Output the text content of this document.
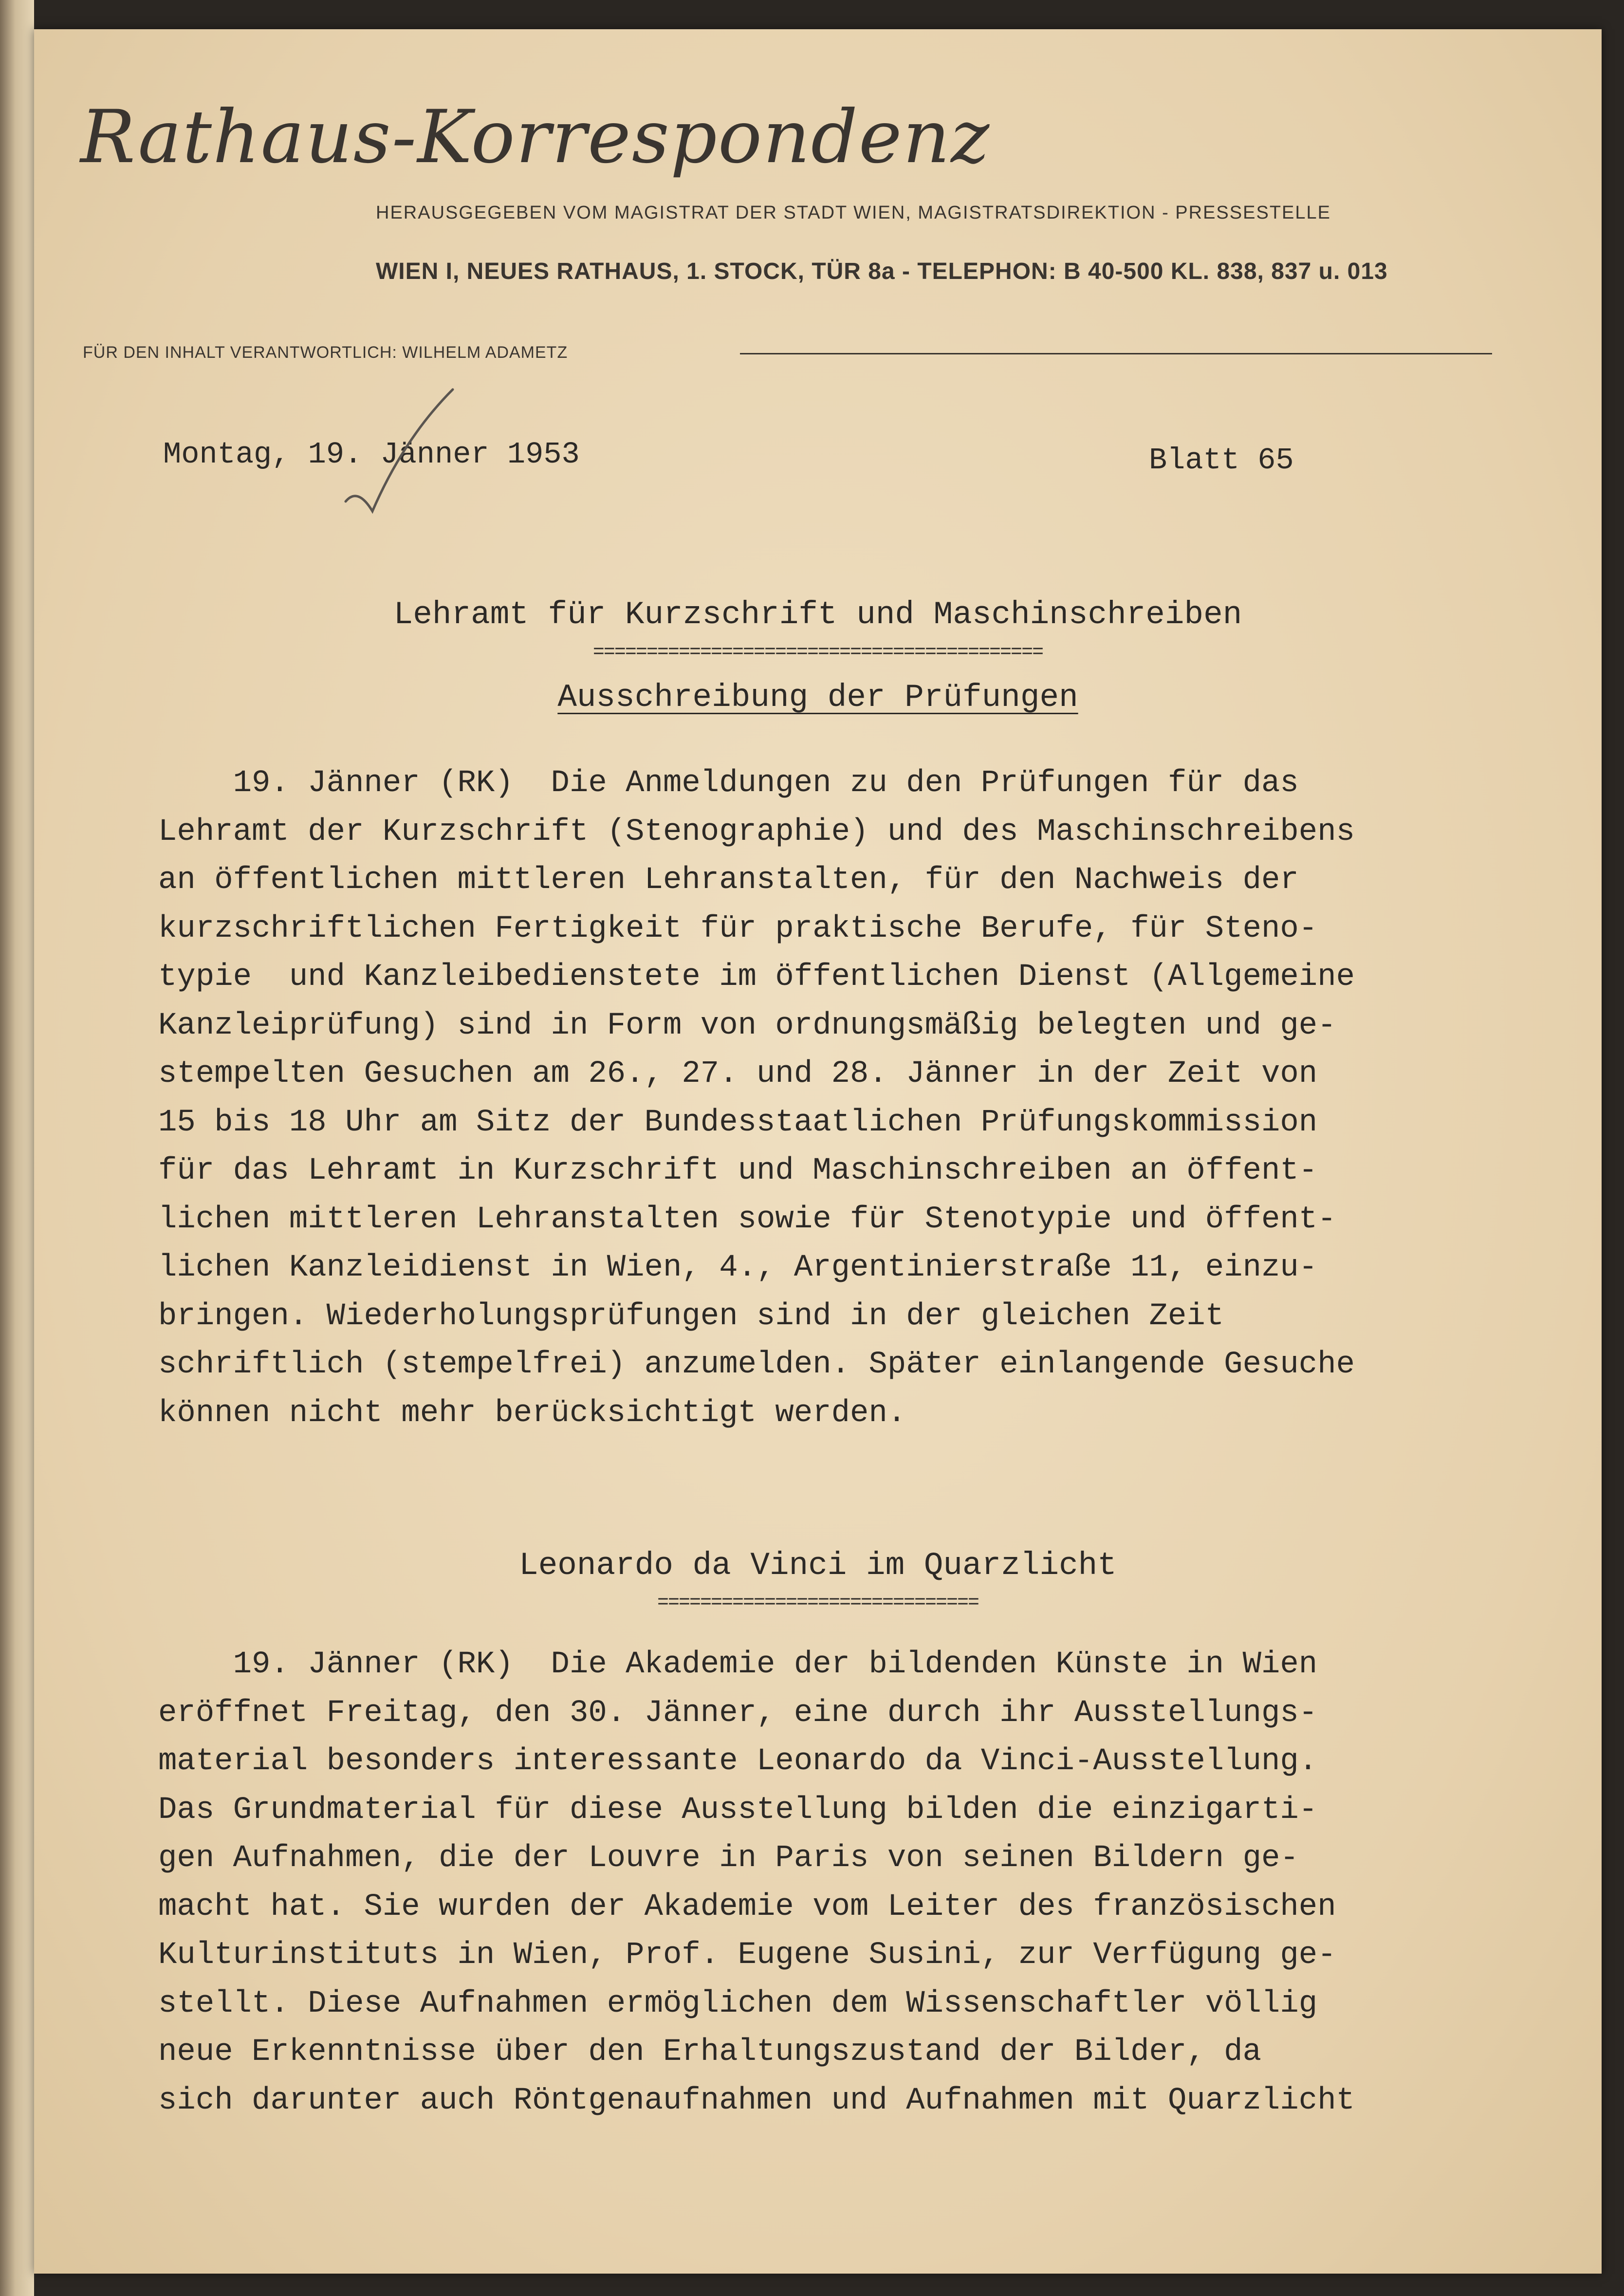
Rathaus-Korrespondenz
HERAUSGEGEBEN VOM MAGISTRAT DER STADT WIEN, MAGISTRATSDIREKTION - PRESSESTELLE
WIEN I, NEUES RATHAUS, 1. STOCK, TÜR 8a - TELEPHON: B 40-500 KL. 838, 837 u. 013
FÜR DEN INHALT VERANTWORTLICH: WILHELM ADAMETZ
Montag, 19. Jänner 1953	Blatt 65
Lehramt für Kurzschrift und Maschinschreiben
==========================================
Ausschreibung der Prüfungen
19. Jänner (RK)  Die Anmeldungen zu den Prüfungen für das
Lehramt der Kurzschrift (Stenographie) und des Maschinschreibens
an öffentlichen mittleren Lehranstalten, für den Nachweis der
kurzschriftlichen Fertigkeit für praktische Berufe, für Steno-
typie  und Kanzleibedienstete im öffentlichen Dienst (Allgemeine
Kanzleiprüfung) sind in Form von ordnungsmäßig belegten und ge-
stempelten Gesuchen am 26., 27. und 28. Jänner in der Zeit von
15 bis 18 Uhr am Sitz der Bundesstaatlichen Prüfungskommission
für das Lehramt in Kurzschrift und Maschinschreiben an öffent-
lichen mittleren Lehranstalten sowie für Stenotypie und öffent-
lichen Kanzleidienst in Wien, 4., Argentinierstraße 11, einzu-
bringen. Wiederholungsprüfungen sind in der gleichen Zeit
schriftlich (stempelfrei) anzumelden. Später einlangende Gesuche
können nicht mehr berücksichtigt werden.
Leonardo da Vinci im Quarzlicht
==============================
19. Jänner (RK)  Die Akademie der bildenden Künste in Wien
eröffnet Freitag, den 30. Jänner, eine durch ihr Ausstellungs-
material besonders interessante Leonardo da Vinci-Ausstellung.
Das Grundmaterial für diese Ausstellung bilden die einzigarti-
gen Aufnahmen, die der Louvre in Paris von seinen Bildern ge-
macht hat. Sie wurden der Akademie vom Leiter des französischen
Kulturinstituts in Wien, Prof. Eugene Susini, zur Verfügung ge-
stellt. Diese Aufnahmen ermöglichen dem Wissenschaftler völlig
neue Erkenntnisse über den Erhaltungszustand der Bilder, da
sich darunter auch Röntgenaufnahmen und Aufnahmen mit Quarzlicht
